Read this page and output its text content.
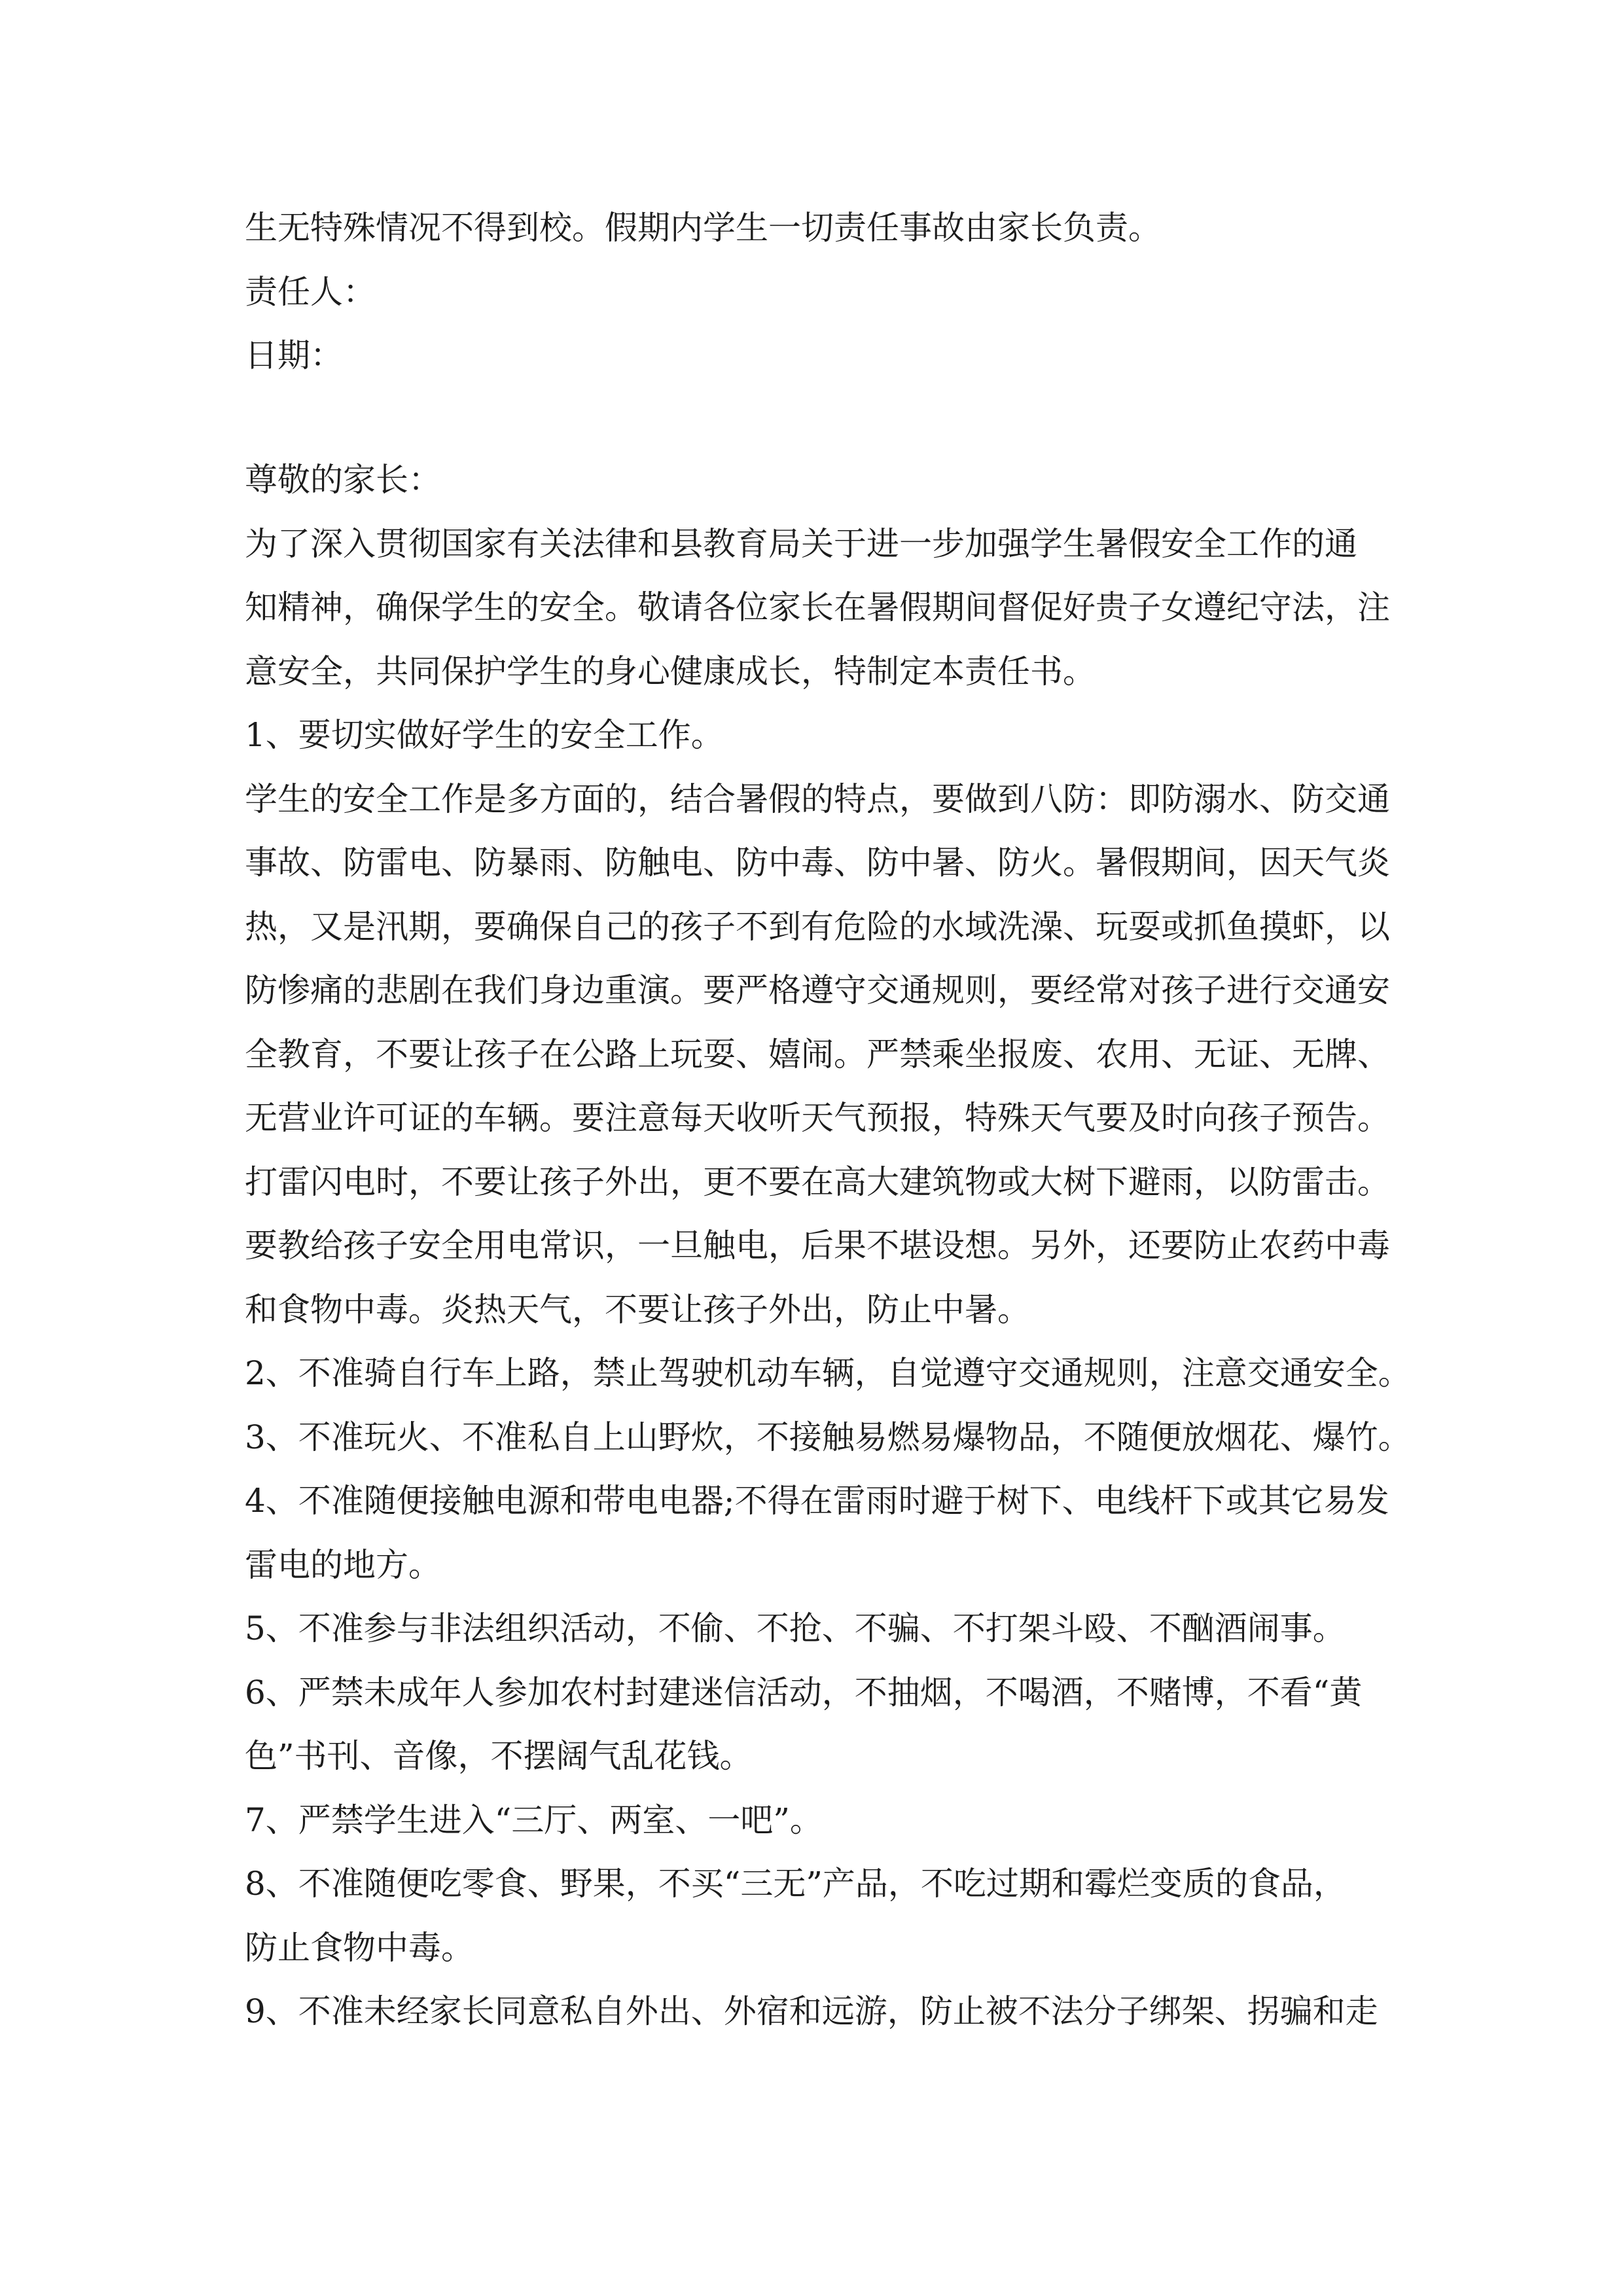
生无特殊情况不得到校。假期内学生一切责任事故由家长负责。
责任人：
日期：
尊敬的家长：
为了深入贯彻国家有关法律和县教育局关于进一步加强学生暑假安全工作的通
知精神，确保学生的安全。敬请各位家长在暑假期间督促好贵子女遵纪守法，注
意安全，共同保护学生的身心健康成长，特制定本责任书。
1、要切实做好学生的安全工作。
学生的安全工作是多方面的，结合暑假的特点，要做到八防：即防溺水、防交通
事故、防雷电、防暴雨、防触电、防中毒、防中暑、防火。暑假期间，因天气炎
热，又是汛期，要确保自己的孩子不到有危险的水域洗澡、玩耍或抓鱼摸虾，以
防惨痛的悲剧在我们身边重演。要严格遵守交通规则，要经常对孩子进行交通安
全教育，不要让孩子在公路上玩耍、嬉闹。严禁乘坐报废、农用、无证、无牌、
无营业许可证的车辆。要注意每天收听天气预报，特殊天气要及时向孩子预告。
打雷闪电时，不要让孩子外出，更不要在高大建筑物或大树下避雨，以防雷击。
要教给孩子安全用电常识，一旦触电，后果不堪设想。另外，还要防止农药中毒
和食物中毒。炎热天气，不要让孩子外出，防止中暑。
2、不准骑自行车上路，禁止驾驶机动车辆，自觉遵守交通规则，注意交通安全。
3、不准玩火、不准私自上山野炊，不接触易燃易爆物品，不随便放烟花、爆竹。
4、不准随便接触电源和带电电器;不得在雷雨时避于树下、电线杆下或其它易发
雷电的地方。
5、不准参与非法组织活动，不偷、不抢、不骗、不打架斗殴、不酗酒闹事。
6、严禁未成年人参加农村封建迷信活动，不抽烟，不喝酒，不赌博，不看“黄
色”书刊、音像，不摆阔气乱花钱。
7、严禁学生进入“三厅、两室、一吧”。
8、不准随便吃零食、野果，不买“三无”产品，不吃过期和霉烂变质的食品，
防止食物中毒。
9、不准未经家长同意私自外出、外宿和远游，防止被不法分子绑架、拐骗和走
